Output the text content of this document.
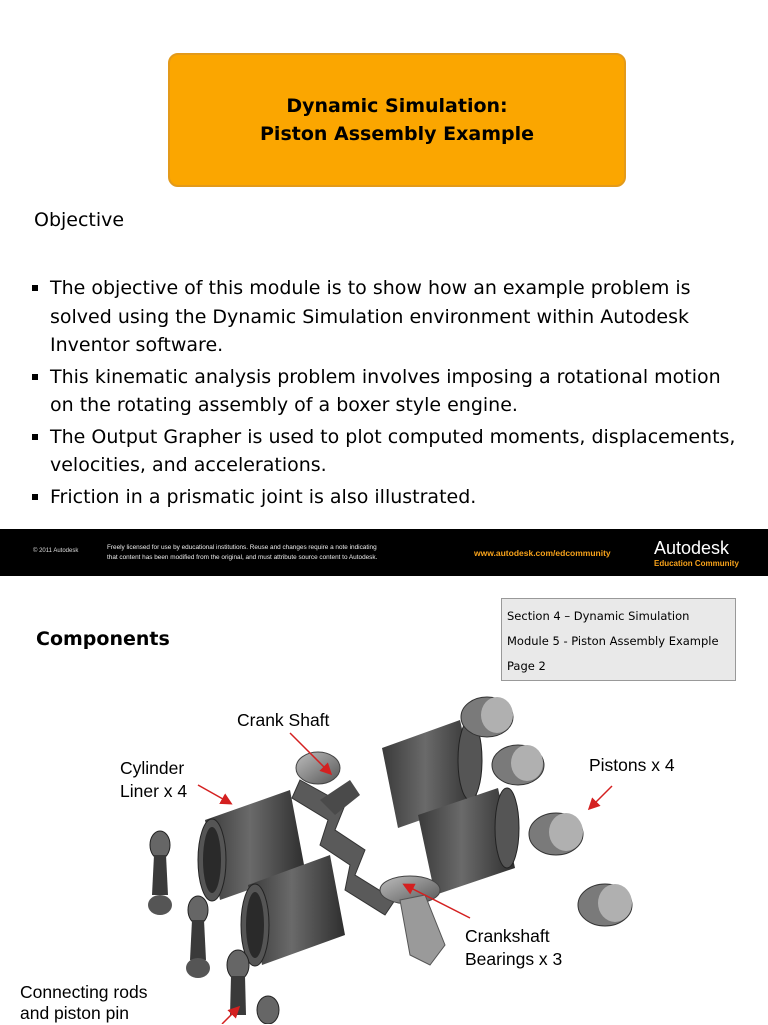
Dynamic Simulation:
Piston Assembly Example
Objective
The objective of this module is to show how an example problem is solved using the Dynamic Simulation environment within Autodesk Inventor software.
This kinematic analysis problem involves imposing a rotational motion on the rotating assembly of a boxer style engine.
The Output Grapher is used to plot computed moments, displacements, velocities, and accelerations.
Friction in a prismatic joint is also illustrated.
© 2011 Autodesk	Freely licensed for use by educational institutions. Reuse and changes require a note indicating
that content has been modified from the original, and must attribute source content to Autodesk.	www.autodesk.com/edcommunity Autodesk
Education Community
Components
Section 4 – Dynamic Simulation
Module 5 - Piston Assembly Example
Page 2
Crank Shaft
Cylinder
Liner x 4
Pistons x 4
Crankshaft
Bearings x 3
Connecting rods
and piston pin
